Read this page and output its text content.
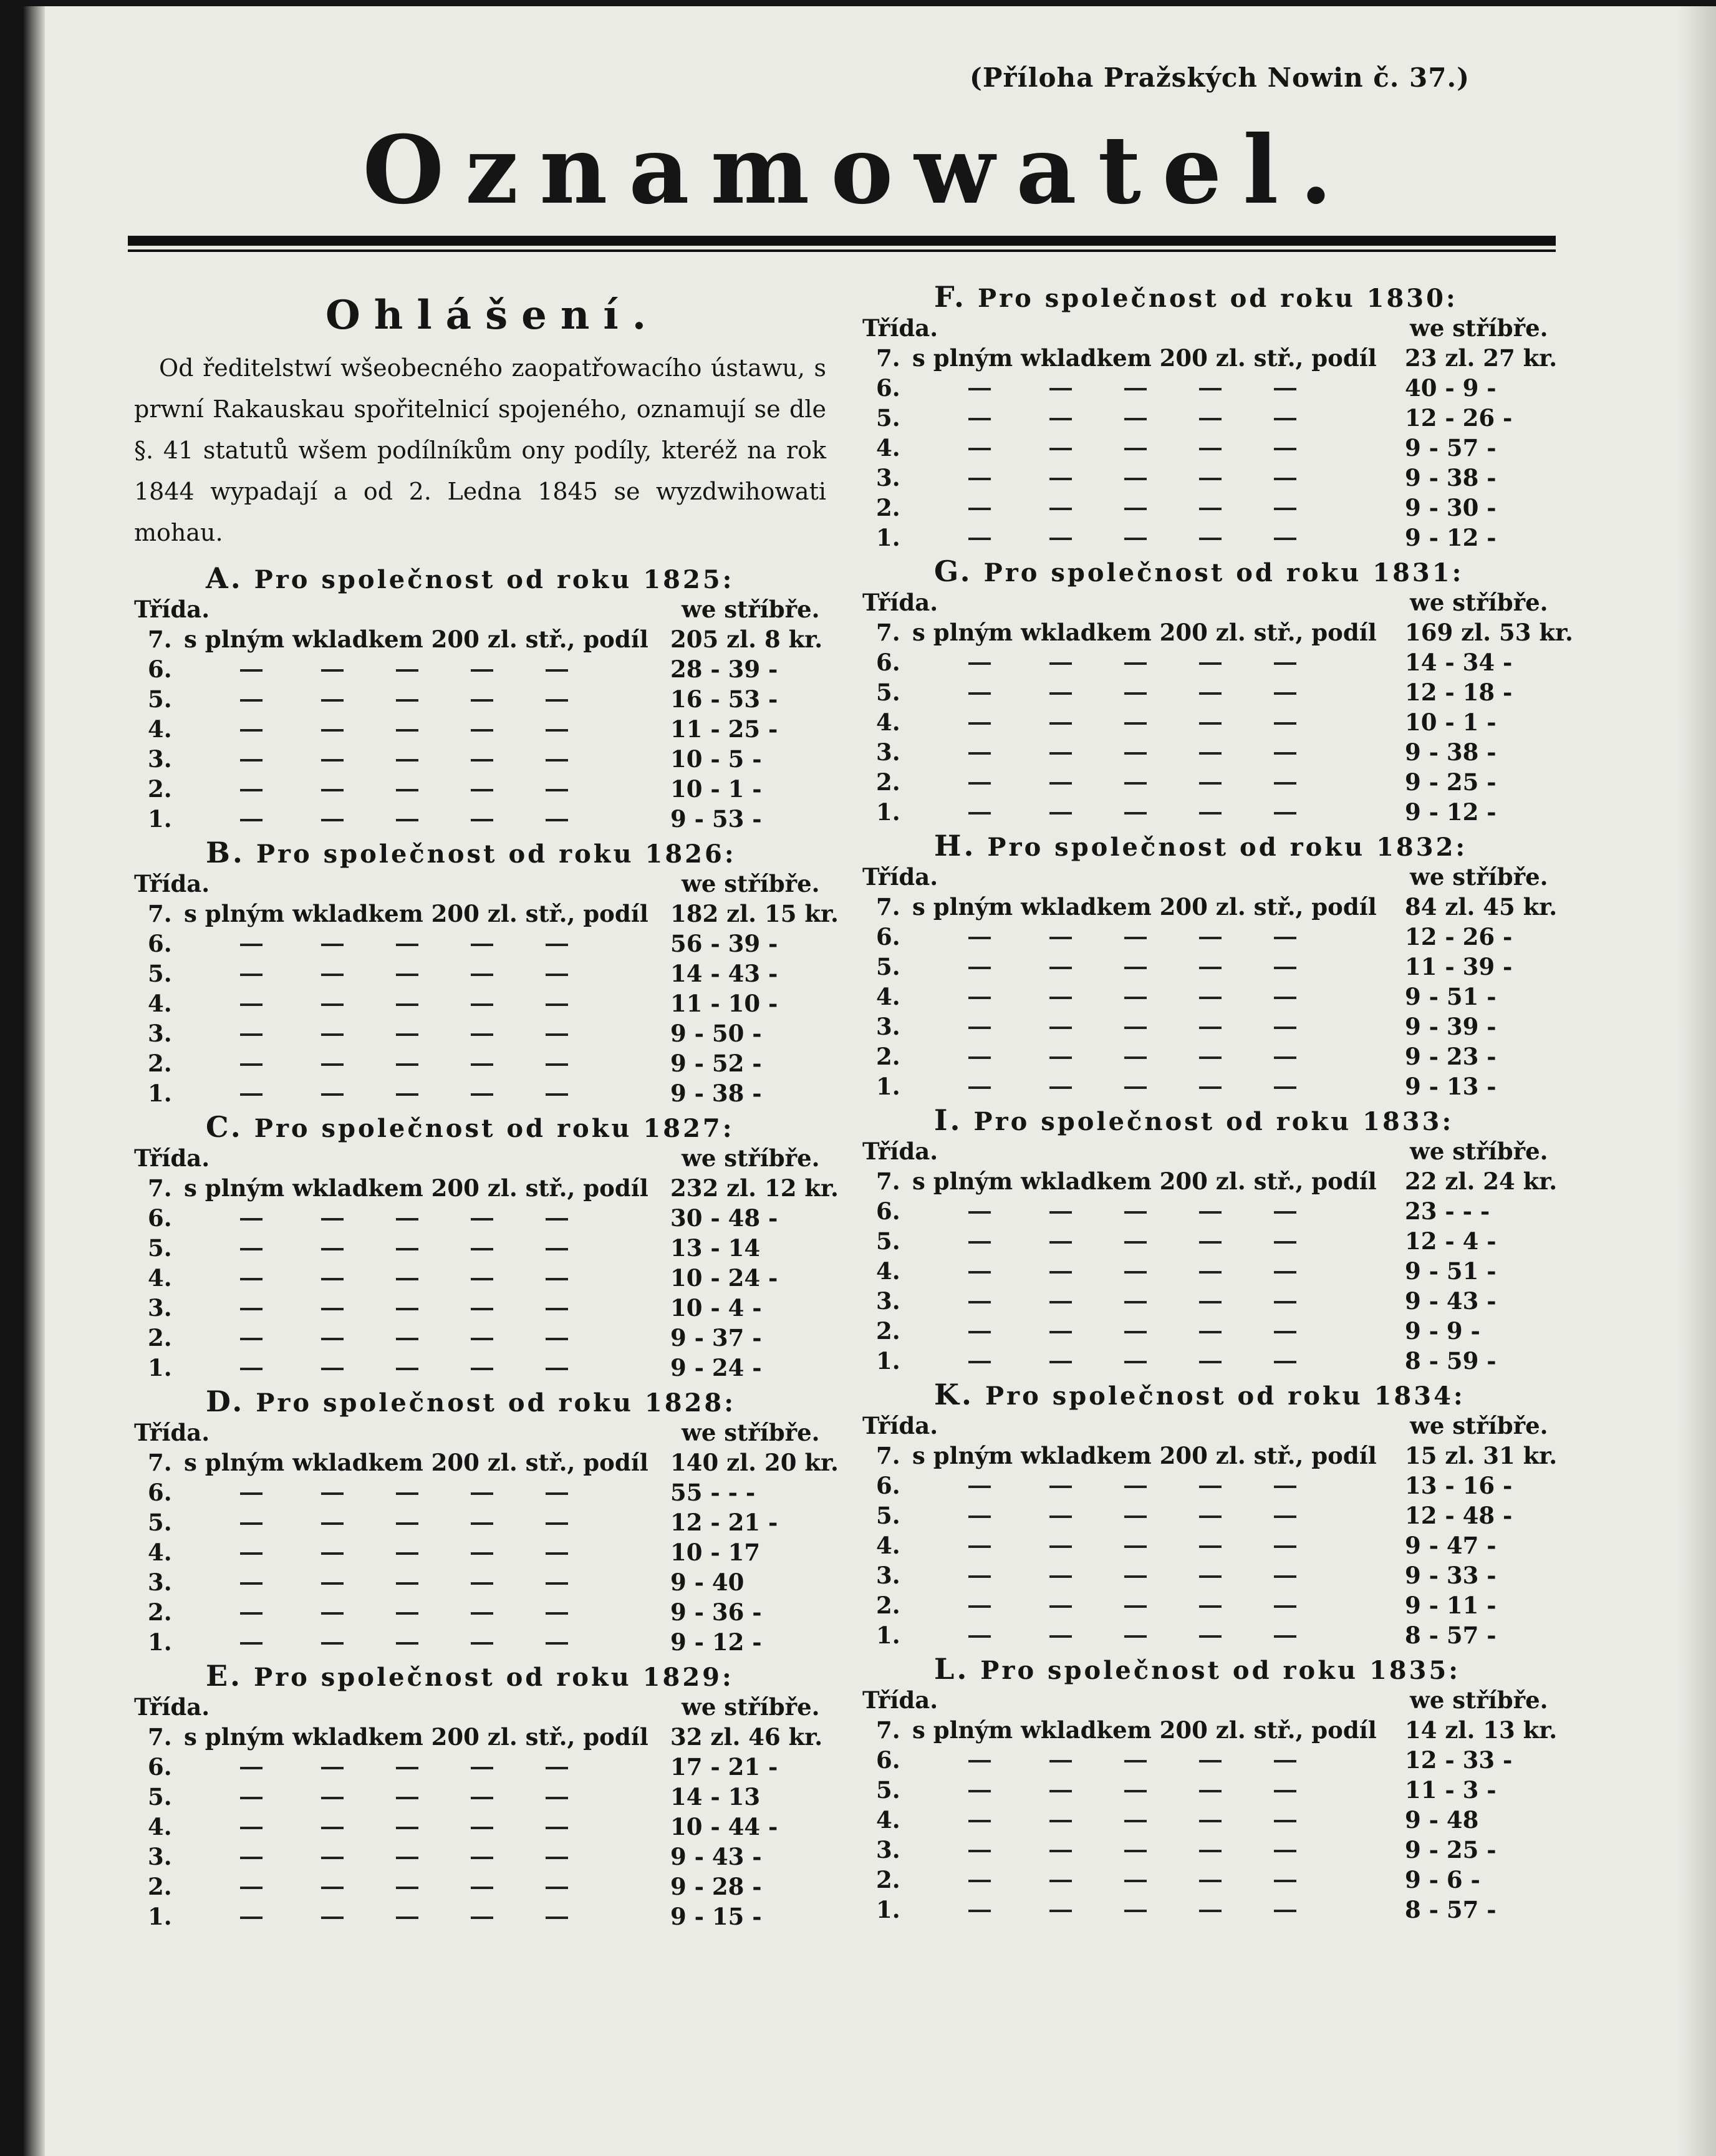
(Příloha Pražských Nowin č. 37.)
Oznamowatel.
Ohlášení.
Od ředitelstwí wšeobecného zaopatřowacího ústawu, s prwní Rakauskau spořitelnicí spojeného, oznamují se dle §. 41 statutů wšem podílníkům ony podíly, kteréž na rok 1844 wypadají a od 2. Ledna 1845 se wyzdwihowati mohau.
A. Pro společnost od roku 1825:
Třída.	we stříbře.
7. s plným wkladkem 200 zl. stř., podíl 205 zl. 8 kr.
6.	28 - 39 -
5.	16 - 53 -
4.	11 - 25 -
3.	10 - 5 -
2.	10 - 1 -
1.	9 - 53 -
B. Pro společnost od roku 1826:
Třída.	we stříbře.
7. s plným wkladkem 200 zl. stř., podíl 182 zl. 15 kr.
6.	56 - 39 -
5.	14 - 43 -
4.	11 - 10 -
3.	9 - 50 -
2.	9 - 52 -
1.	9 - 38 -
C. Pro společnost od roku 1827:
Třída.	we stříbře.
7. s plným wkladkem 200 zl. stř., podíl 232 zl. 12 kr.
6.	30 - 48 -
5.	13 - 14
4.	10 - 24 -
3.	10 - 4 -
2.	9 - 37 -
1.	9 - 24 -
D. Pro společnost od roku 1828:
Třída.	we stříbře.
7. s plným wkladkem 200 zl. stř., podíl 140 zl. 20 kr.
6.	55 - - -
5.	12 - 21 -
4.	10 - 17
3.	9 - 40
2.	9 - 36 -
1.	9 - 12 -
E. Pro společnost od roku 1829:
Třída.	we stříbře.
7. s plným wkladkem 200 zl. stř., podíl 32 zl. 46 kr.
6.	17 - 21 -
5.	14 - 13
4.	10 - 44 -
3.	9 - 43 -
2.	9 - 28 -
1.	9 - 15 -
F. Pro společnost od roku 1830:
Třída.	we stříbře.
7. s plným wkladkem 200 zl. stř., podíl 23 zl. 27 kr.
6.	40 - 9 -
5.	12 - 26 -
4.	9 - 57 -
3.	9 - 38 -
2.	9 - 30 -
1.	9 - 12 -
G. Pro společnost od roku 1831:
Třída.	we stříbře.
7. s plným wkladkem 200 zl. stř., podíl 169 zl. 53 kr.
6.	14 - 34 -
5.	12 - 18 -
4.	10 - 1 -
3.	9 - 38 -
2.	9 - 25 -
1.	9 - 12 -
H. Pro společnost od roku 1832:
Třída.	we stříbře.
7. s plným wkladkem 200 zl. stř., podíl 84 zl. 45 kr.
6.	12 - 26 -
5.	11 - 39 -
4.	9 - 51 -
3.	9 - 39 -
2.	9 - 23 -
1.	9 - 13 -
I. Pro společnost od roku 1833:
Třída.	we stříbře.
7. s plným wkladkem 200 zl. stř., podíl 22 zl. 24 kr.
6.	23 - - -
5.	12 - 4 -
4.	9 - 51 -
3.	9 - 43 -
2.	9 - 9 -
1.	8 - 59 -
K. Pro společnost od roku 1834:
Třída.	we stříbře.
7. s plným wkladkem 200 zl. stř., podíl 15 zl. 31 kr.
6.	13 - 16 -
5.	12 - 48 -
4.	9 - 47 -
3.	9 - 33 -
2.	9 - 11 -
1.	8 - 57 -
L. Pro společnost od roku 1835:
Třída.	we stříbře.
7. s plným wkladkem 200 zl. stř., podíl 14 zl. 13 kr.
6.	12 - 33 -
5.	11 - 3 -
4.	9 - 48
3.	9 - 25 -
2.	9 - 6 -
1.	8 - 57 -
